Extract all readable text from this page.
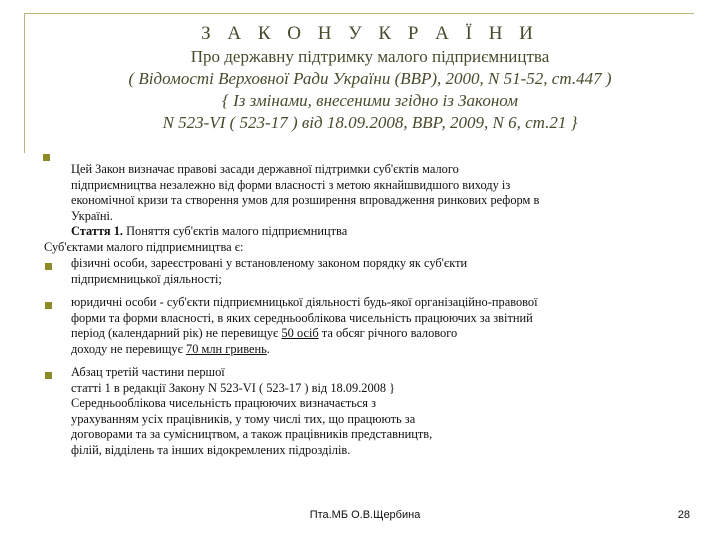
З А К О Н У К Р А Ї Н И
Про державну підтримку малого підприємництва
( Відомості Верховної Ради України (ВВР), 2000, N 51-52, ст.447 )
{ Із змінами, внесеними згідно із Законом
N 523-VI ( 523-17 ) від 18.09.2008, ВВР, 2009, N 6, ст.21 }
Цей Закон визначає правові засади державної підтримки суб'єктів малого
підприємництва незалежно від форми власності з метою якнайшвидшого виходу із
економічної кризи та створення умов для розширення впровадження ринкових реформ в
Україні.
Стаття 1. Поняття суб'єктів малого підприємництва
Суб'єктами малого підприємництва є:
фізичні особи, зареєстровані у встановленому законом порядку як суб'єкти
підприємницької діяльності;
юридичні особи - суб'єкти підприємницької діяльності будь-якої організаційно-правової
форми та форми власності, в яких середньооблікова чисельність працюючих за звітний
період (календарний рік) не перевищує 50 осіб та обсяг річного валового
доходу не перевищує 70 млн гривень.
Абзац третій частини першої
статті 1 в редакції Закону N 523-VI ( 523-17 ) від 18.09.2008 }
Середньооблікова чисельність працюючих визначається з
урахуванням усіх працівників, у тому числі тих, що працюють за
договорами та за сумісництвом, а також працівників представництв,
філій, відділень та інших відокремлених підрозділів.
Пта.МБ О.В.Щербина	28
